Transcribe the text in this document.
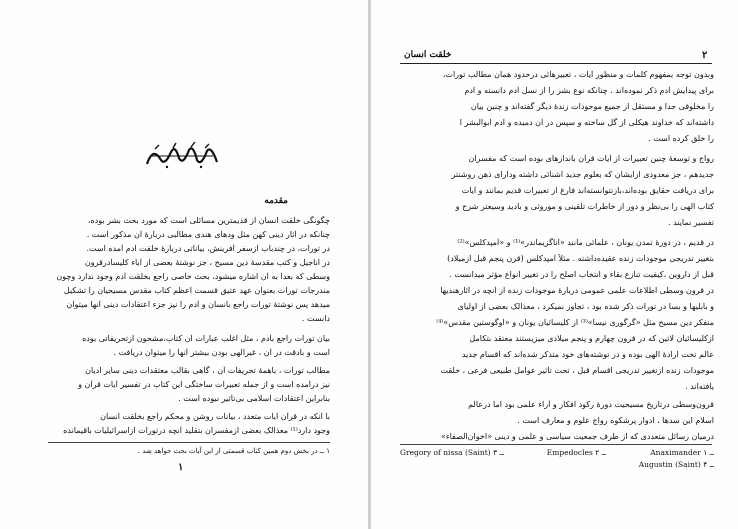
مقدمه
چگونگی خلقت انسان از قدیمترین مسائلی است که مورد بحث بشر بوده،
چنانکه در آثار دینی کهن مثل ودهای هندی مطالبی دربارهٔ آن مذکور است .
در تورات، در چندباب ازسفر آفرینش، بیاناتی دربارهٔ خلقت آدم آمده است.
در اناجیل و کتب مقدسهٔ دین مسیح ، جز نوشتهٔ بعضی از آباء کلیسادرقرون
وسطی که بعداً به آن اشاره میشود، بحث خاصی راجع بخلقت آدم وجود ندارد وچون
مندرجات تورات بعنوان عهد عتیق قسمت اعظم کتاب مقدس مسیحیان را تشکیل
میدهد پس نوشتهٔ تورات راجع بانسان و آدم را نیز جزء اعتقادات دینی آنها میتوان
دانست .
بیان تورات راجع بآدم ، مثل اغلب عبارات آن کتاب،مشحون ازتحریفاتی بوده
است و بادقت در آن ، غیرالهی بودن بیشتر آنها را میتوان دریافت .
مطالب تورات ، باهمهٔ تحریفات آن ، گاهی بقالب معتقدات دینی سایر ادیان
نیز درآمده است و از جمله تعبیرات ساختگی این کتاب در تفسیر آیات قرآن و
بنابراین اعتقادات اسلامی بی‌تأثیر نبوده است .
با آنکه در قرآن آیات متعدد ، بیانات روشن و محکم راجع بخلقت انسان
وجود دارد⁽¹⁾ معذالک بعضی ازمفسران بتقلید آنچه درتورات ازاسرائیلیات باقیمانده
۱ ــ در بخش دوم همین کتاب قسمتی از این آیات بحث خواهد شد .
۱
۲
خلقت انسان
وبدون توجه بمفهوم کلمات و منظور آیات ، تعبیرهائی درحدود همان مطالب تورات،
برای پیدایش آدم ذکر نموده‌اند . چنانکه نوع بشر را از نسل آدم دانسته و آدم
را مخلوقی جدا و مستقل از جمیع موجودات زندهٔ دیگر گفته‌اند و چنین بیان
داشته‌اند که خداوند هیکلی از گل ساخته و سپس در آن دمیده و آدم ابوالبشر ا
را خلق کرده است .
رواج و توسعهٔ چنین تعبیرات از آیات قرآن بانداز‌های بوده است که مفسران
جدیدهم ، جز معدودی ازایشان که بعلوم جدید آشنائی داشته ودارای ذهن روشنتر
برای دریافت حقایق بوده‌اند،بازنتوانسته‌اند فارغ از تعبیرات قدیم بمانند و آیات
کتاب الهی را بی‌نظر و دور از خاطرات تلقینی و موروثی و بادید وسیعتر شرح و
تفسیر نمایند .
در قدیم ، در دورهٔ تمدن یونان ، علمائی مانند «آناگزیماندر»⁽¹⁾ و «آمپدکلس»⁽²⁾
بتغییر تدریجی موجودات زنده عقیده‌داشته‌ . مثلاً آمپدکلس (قرن پنجم قبل ازمیلاد)
قبل از داروین ،کیفیت تنازع بقاء و انتخاب اصلح را در تغییر انواع مؤثر میدانست .
در قرون وسطی اطلاعات علمی عمومی دربارهٔ موجودات زنده از آنچه در آثارهندیها
و بابلیها و بسا در تورات ذکر شده بود ، تجاوز نمیکرد ، معذالک بعضی از اولیای
متفکر دین مسیح مثل «گرگوری نیسا»⁽³⁾ از کلیسائیان یونان و «اوگوستین مقدس»⁽⁴⁾
ازکلیسائیان لاتین که در قرون چهارم و پنجم میلادی میزیستند معتقد بتکامل
عالم تحت ارادهٔ الهی بوده و در نوشته‌های خود متذکر شده‌اند که اقسام جدید
موجودات زنده ازتغییر تدریجی اقسام قبل ، تحت تأثیر عوامل طبیعی فرعی ، خلقت
یافته‌اند .
قرون‌وسطی درتاریخ مسیحیت دورهٔ رکود افکار و آراء علمی بود اما درعالم
اسلام این سدها ، ادوار پرشکوه رواج علوم و معارف است .
درمیان رسائل متعددی که از طرف جمعیت سیاسی و علمی و دینی «اخوان‌الصفاء»
Anaximander ــ ۱
Empedocles ــ ۲
Gregory of nissa (Saint) ــ ۳
Augustin (Saint) ــ ۴
